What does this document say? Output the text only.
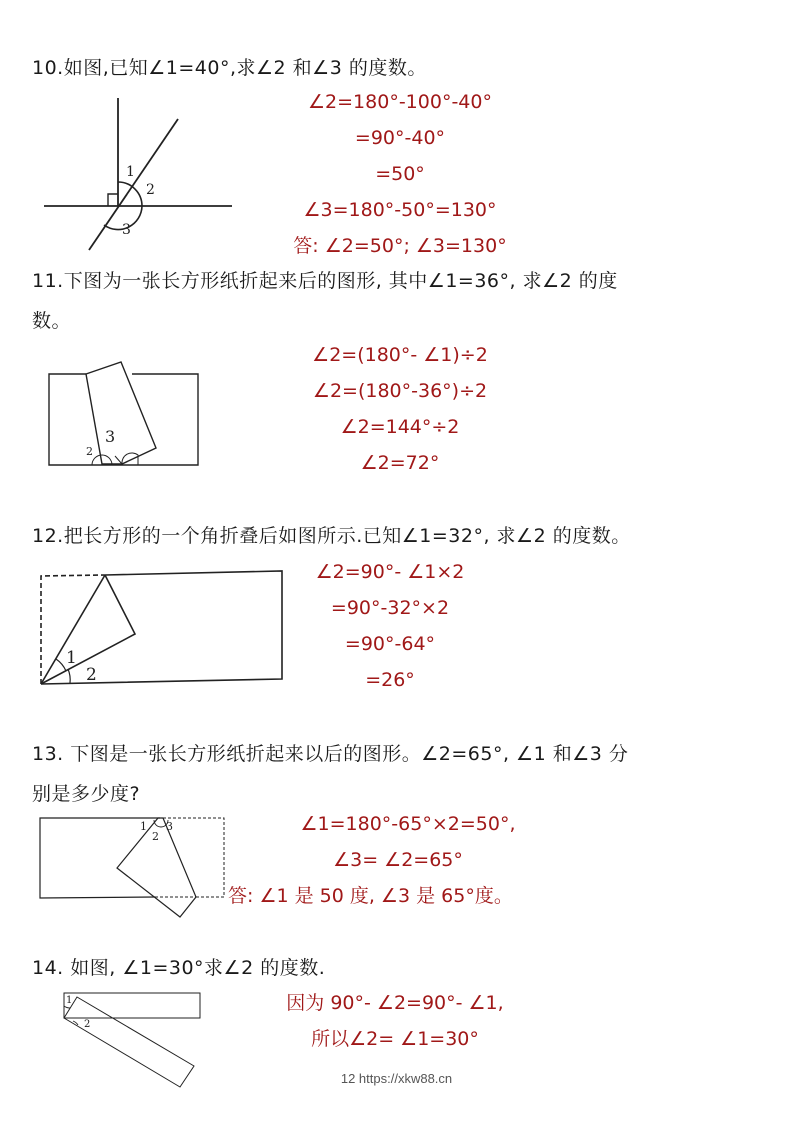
10.如图,已知∠1=40°,求∠2 和∠3 的度数。
1
2
3
∠2=180°-100°-40°
=90°-40°
=50°
∠3=180°-50°=130°
答: ∠2=50°; ∠3=130°
11.下图为一张长方形纸折起来后的图形, 其中∠1=36°, 求∠2 的度
数。
2
3
∠2=(180°- ∠1)÷2
∠2=(180°-36°)÷2
∠2=144°÷2
∠2=72°
12.把长方形的一个角折叠后如图所示.已知∠1=32°, 求∠2 的度数。
1
2
∠2=90°- ∠1×2
=90°-32°×2
=90°-64°
=26°
13. 下图是一张长方形纸折起来以后的图形。∠2=65°, ∠1 和∠3 分
别是多少度?
1
2
3	∠1=180°-65°×2=50°,
∠3= ∠2=65°
答: ∠1 是 50 度, ∠3 是 65°度。
14. 如图, ∠1=30°求∠2 的度数.
1
2
因为 90°- ∠2=90°- ∠1,
所以∠2= ∠1=30°
12 https://xkw88.cn
